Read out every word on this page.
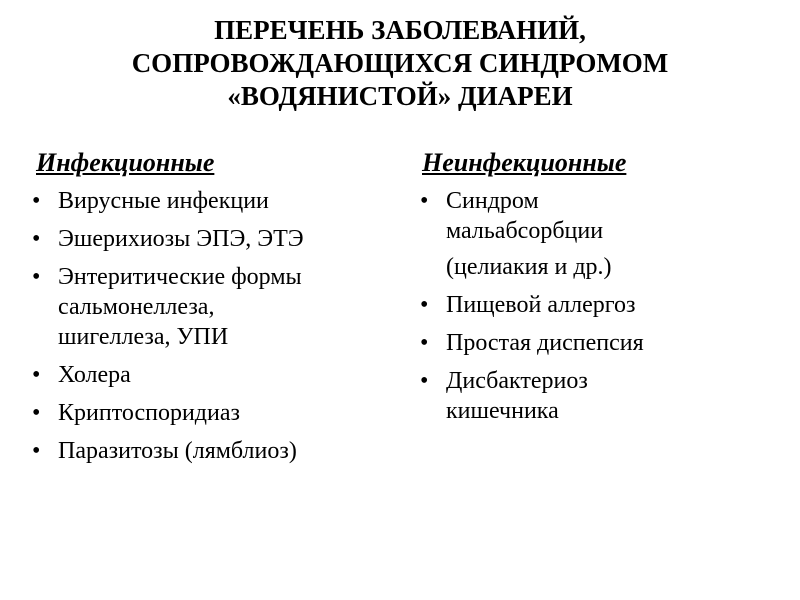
ПЕРЕЧЕНЬ ЗАБОЛЕВАНИЙ,
СОПРОВОЖДАЮЩИХСЯ СИНДРОМОМ
«ВОДЯНИСТОЙ» ДИАРЕИ
Инфекционные
• Вирусные инфекции
• Эшерихиозы ЭПЭ, ЭТЭ
• Энтеритические формы
сальмонеллеза,
шигеллеза, УПИ
• Холера
• Криптоспоридиаз
• Паразитозы (лямблиоз)
Неинфекционные
• Синдром
мальабсорбции
(целиакия и др.)
• Пищевой аллергоз
• Простая диспепсия
• Дисбактериоз
кишечника
